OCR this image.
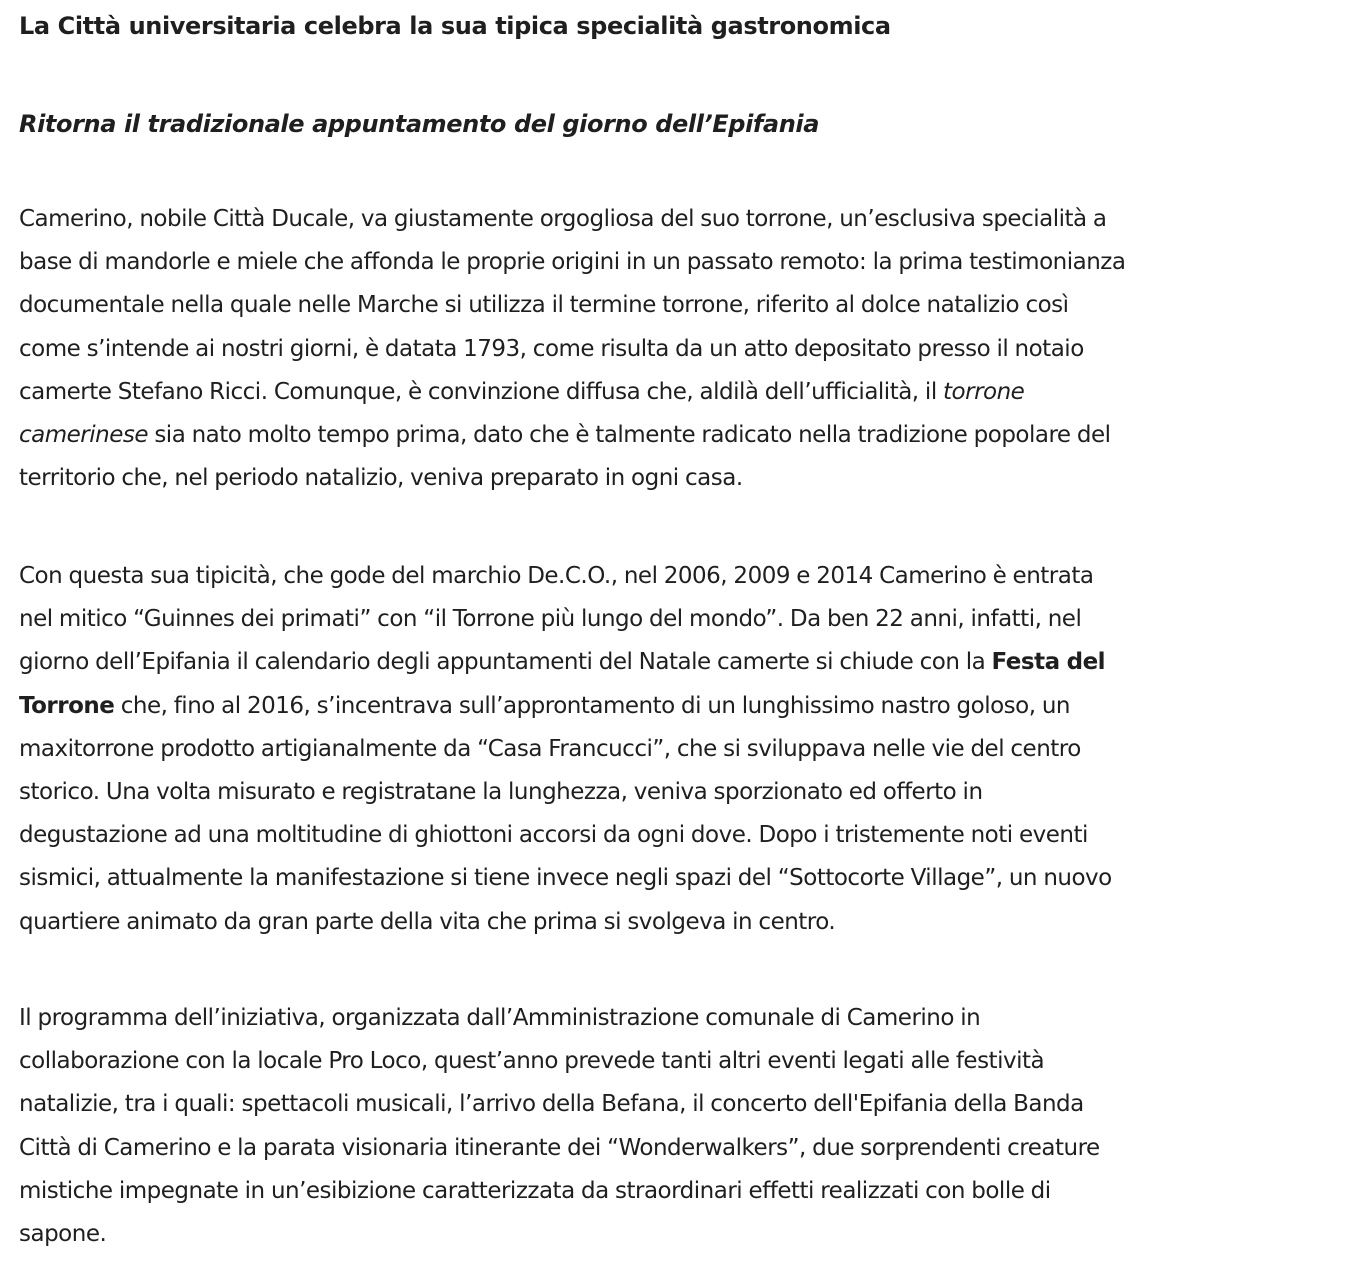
La Città universitaria celebra la sua tipica specialità gastronomica
Ritorna il tradizionale appuntamento del giorno dell’Epifania

Camerino, nobile Città Ducale, va giustamente orgogliosa del suo torrone, un’esclusiva specialità a
base di mandorle e miele che affonda le proprie origini in un passato remoto: la prima testimonianza
documentale nella quale nelle Marche si utilizza il termine torrone, riferito al dolce natalizio così
come s’intende ai nostri giorni, è datata 1793, come risulta da un atto depositato presso il notaio
camerte Stefano Ricci. Comunque, è convinzione diffusa che, aldilà dell’ufficialità, il torrone
camerinese sia nato molto tempo prima, dato che è talmente radicato nella tradizione popolare del
territorio che, nel periodo natalizio, veniva preparato in ogni casa.

Con questa sua tipicità, che gode del marchio De.C.O., nel 2006, 2009 e 2014 Camerino è entrata
nel mitico “Guinnes dei primati” con “il Torrone più lungo del mondo”. Da ben 22 anni, infatti, nel
giorno dell’Epifania il calendario degli appuntamenti del Natale camerte si chiude con la Festa del
Torrone che, fino al 2016, s’incentrava sull’approntamento di un lunghissimo nastro goloso, un
maxitorrone prodotto artigianalmente da “Casa Francucci”, che si sviluppava nelle vie del centro
storico. Una volta misurato e registratane la lunghezza, veniva sporzionato ed offerto in
degustazione ad una moltitudine di ghiottoni accorsi da ogni dove. Dopo i tristemente noti eventi
sismici, attualmente la manifestazione si tiene invece negli spazi del “Sottocorte Village”, un nuovo
quartiere animato da gran parte della vita che prima si svolgeva in centro.

Il programma dell’iniziativa, organizzata dall’Amministrazione comunale di Camerino in
collaborazione con la locale Pro Loco, quest’anno prevede tanti altri eventi legati alle festività
natalizie, tra i quali: spettacoli musicali, l’arrivo della Befana, il concerto dell'Epifania della Banda
Città di Camerino e la parata visionaria itinerante dei “Wonderwalkers”, due sorprendenti creature
mistiche impegnate in un’esibizione caratterizzata da straordinari effetti realizzati con bolle di
sapone.
